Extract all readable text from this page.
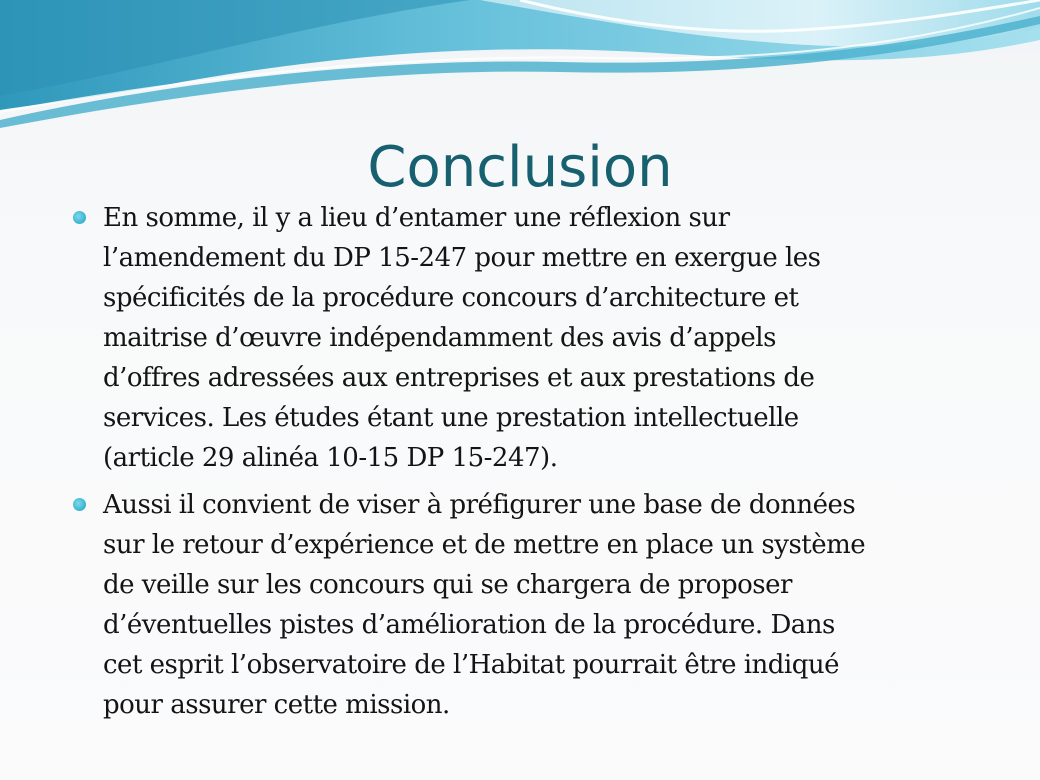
Conclusion
En somme, il y a lieu d’entamer une réflexion sur
l’amendement du DP 15-247 pour mettre en exergue les
spécificités de la procédure concours d’architecture et
maitrise d’œuvre indépendamment des avis d’appels
d’offres adressées aux entreprises et aux prestations de
services. Les études étant une prestation intellectuelle
(article 29 alinéa 10-15 DP 15-247).
Aussi il convient de viser à préfigurer une base de données
sur le retour d’expérience et de mettre en place un système
de veille sur les concours qui se chargera de proposer
d’éventuelles pistes d’amélioration de la procédure. Dans
cet esprit l’observatoire de l’Habitat pourrait être indiqué
pour assurer cette mission.
